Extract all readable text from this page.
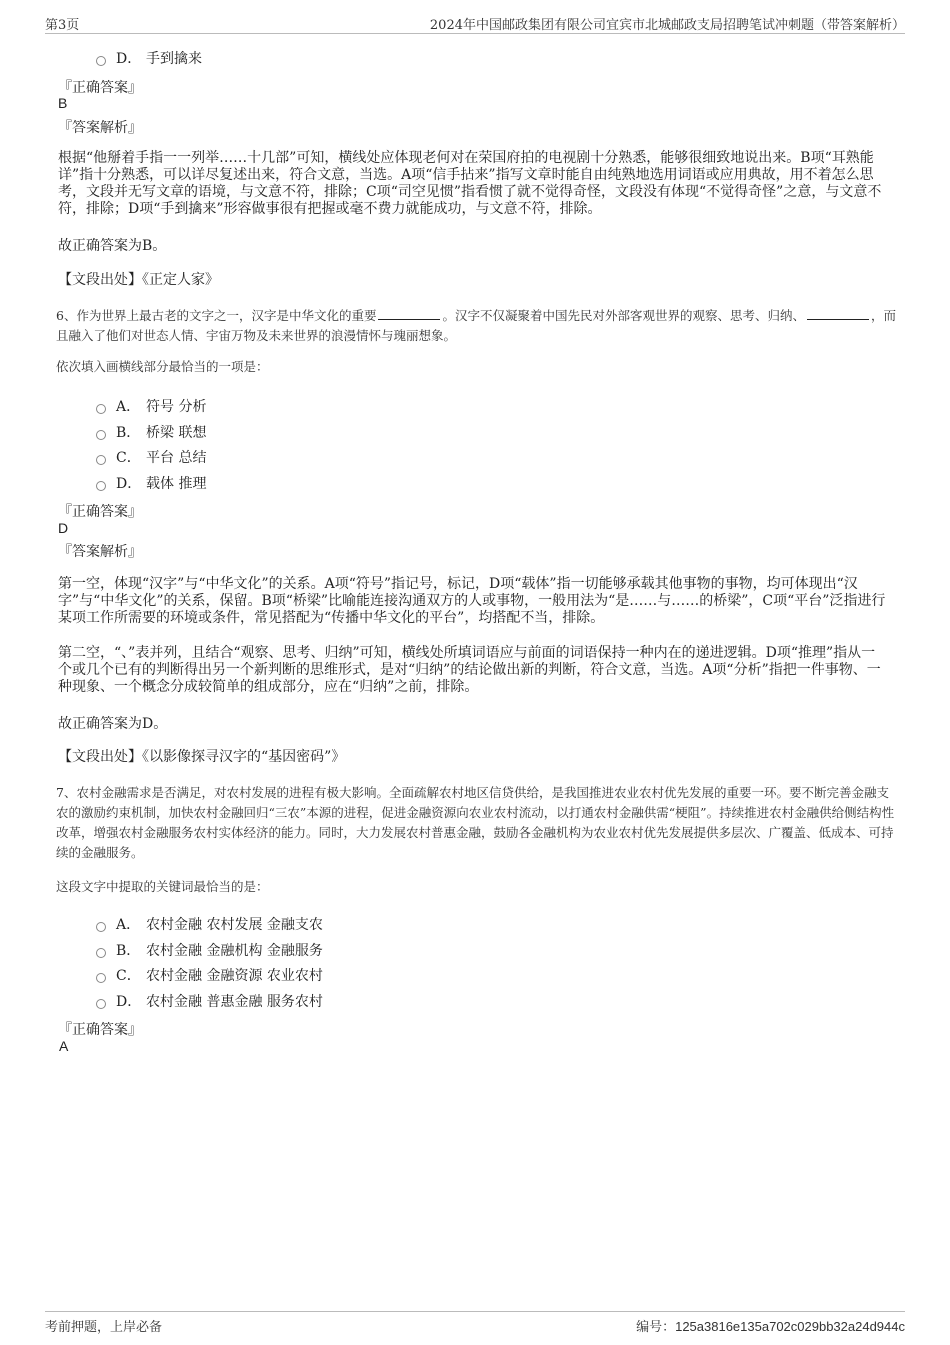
第3页	2024年中国邮政集团有限公司宜宾市北城邮政支局招聘笔试冲刺题（带答案解析）
D． 手到擒来
『正确答案』
B
『答案解析』
根据“他掰着手指一一列举……十几部”可知，横线处应体现老何对在荣国府拍的电视剧十分熟悉，能够很细致地说出来。B项“耳熟能详”指十分熟悉，可以详尽复述出来，符合文意，当选。A项“信手拈来”指写文章时能自由纯熟地选用词语或应用典故，用不着怎么思考，文段并无写文章的语境，与文意不符，排除；C项“司空见惯”指看惯了就不觉得奇怪，文段没有体现“不觉得奇怪”之意，与文意不符，排除；D项“手到擒来”形容做事很有把握或毫不费力就能成功，与文意不符，排除。
故正确答案为B。
【文段出处】《正定人家》
6、作为世界上最古老的文字之一，汉字是中华文化的重要	。汉字不仅凝聚着中国先民对外部客观世界的观察、思考、归纳、	，而且融入了他们对世态人情、宇宙万物及未来世界的浪漫情怀与瑰丽想象。
依次填入画横线部分最恰当的一项是：
A． 符号 分析
B． 桥梁 联想
C． 平台 总结
D． 载体 推理
『正确答案』
D
『答案解析』
第一空，体现“汉字”与“中华文化”的关系。A项“符号”指记号，标记，D项“载体”指一切能够承载其他事物的事物，均可体现出“汉字”与“中华文化”的关系，保留。B项“桥梁”比喻能连接沟通双方的人或事物，一般用法为“是……与……的桥梁”，C项“平台”泛指进行某项工作所需要的环境或条件，常见搭配为“传播中华文化的平台”，均搭配不当，排除。
第二空，“、”表并列，且结合“观察、思考、归纳”可知，横线处所填词语应与前面的词语保持一种内在的递进逻辑。D项“推理”指从一个或几个已有的判断得出另一个新判断的思维形式，是对“归纳”的结论做出新的判断，符合文意，当选。A项“分析”指把一件事物、一种现象、一个概念分成较简单的组成部分，应在“归纳”之前，排除。
故正确答案为D。
【文段出处】《以影像探寻汉字的“基因密码”》
7、农村金融需求是否满足，对农村发展的进程有极大影响。全面疏解农村地区信贷供给，是我国推进农业农村优先发展的重要一环。要不断完善金融支农的激励约束机制，加快农村金融回归“三农”本源的进程，促进金融资源向农业农村流动，以打通农村金融供需“梗阻”。持续推进农村金融供给侧结构性改革，增强农村金融服务农村实体经济的能力。同时，大力发展农村普惠金融，鼓励各金融机构为农业农村优先发展提供多层次、广覆盖、低成本、可持续的金融服务。
这段文字中提取的关键词最恰当的是：
A． 农村金融 农村发展 金融支农
B． 农村金融 金融机构 金融服务
C． 农村金融 金融资源 农业农村
D． 农村金融 普惠金融 服务农村
『正确答案』
A
考前押题，上岸必备	编号：125a3816e135a702c029bb32a24d944c
